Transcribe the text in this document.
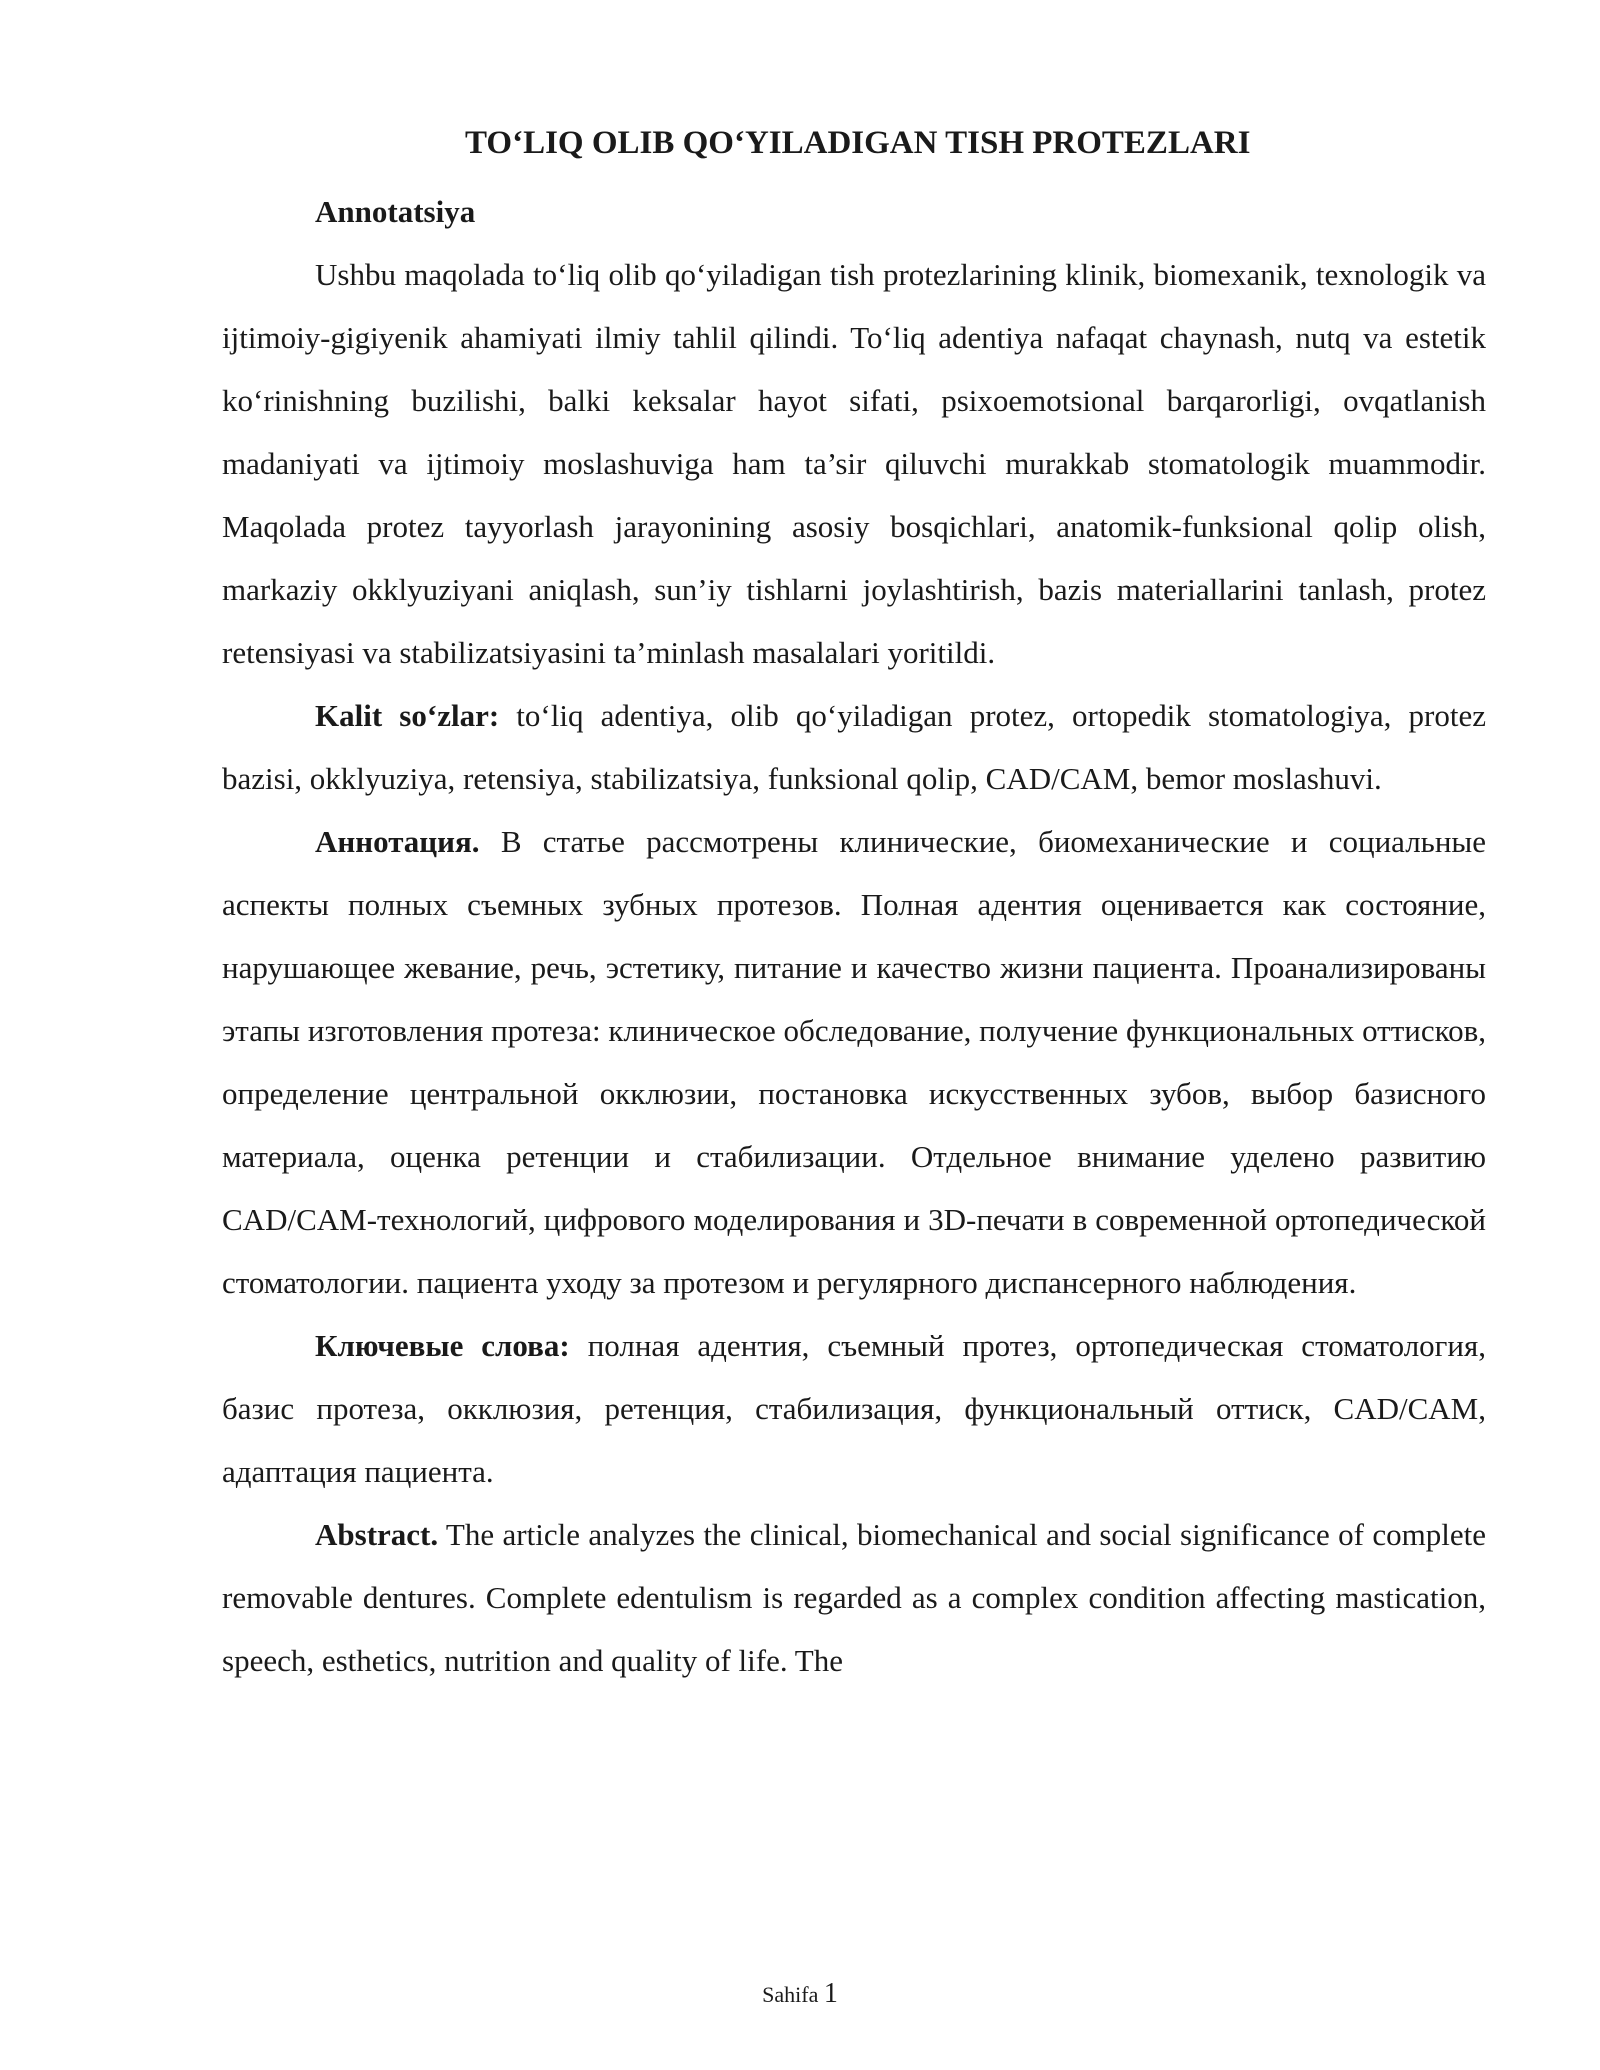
TO‘LIQ OLIB QO‘YILADIGAN TISH PROTEZLARI

Annotatsiya

Ushbu maqolada to‘liq olib qo‘yiladigan tish protezlarining klinik, biomexanik, texnologik va ijtimoiy-gigiyenik ahamiyati ilmiy tahlil qilindi. To‘liq adentiya nafaqat chaynash, nutq va estetik ko‘rinishning buzilishi, balki keksalar hayot sifati, psixoemotsional barqarorligi, ovqatlanish madaniyati va ijtimoiy moslashuviga ham ta’sir qiluvchi murakkab stomatologik muammodir. Maqolada protez tayyorlash jarayonining asosiy bosqichlari, anatomik-funksional qolip olish, markaziy okklyuziyani aniqlash, sun’iy tishlarni joylashtirish, bazis materiallarini tanlash, protez retensiyasi va stabilizatsiyasini ta’minlash masalalari yoritildi.

Kalit so‘zlar: to‘liq adentiya, olib qo‘yiladigan protez, ortopedik stomatologiya, protez bazisi, okklyuziya, retensiya, stabilizatsiya, funksional qolip, CAD/CAM, bemor moslashuvi.

Аннотация. В статье рассмотрены клинические, биомеханические и социальные аспекты полных съемных зубных протезов. Полная адентия оценивается как состояние, нарушающее жевание, речь, эстетику, питание и качество жизни пациента. Проанализированы этапы изготовления протеза: клиническое обследование, получение функциональных оттисков, определение центральной окклюзии, постановка искусственных зубов, выбор базисного материала, оценка ретенции и стабилизации. Отдельное внимание уделено развитию CAD/CAM-технологий, цифрового моделирования и 3D-печати в современной ортопедической стоматологии. пациента уходу за протезом и регулярного диспансерного наблюдения.

Ключевые слова: полная адентия, съемный протез, ортопедическая стоматология, базис протеза, окклюзия, ретенция, стабилизация, функциональный оттиск, CAD/CAM, адаптация пациента.

Abstract. The article analyzes the clinical, biomechanical and social significance of complete removable dentures. Complete edentulism is regarded as a complex condition affecting mastication, speech, esthetics, nutrition and quality of life. The

Sahifa 1
